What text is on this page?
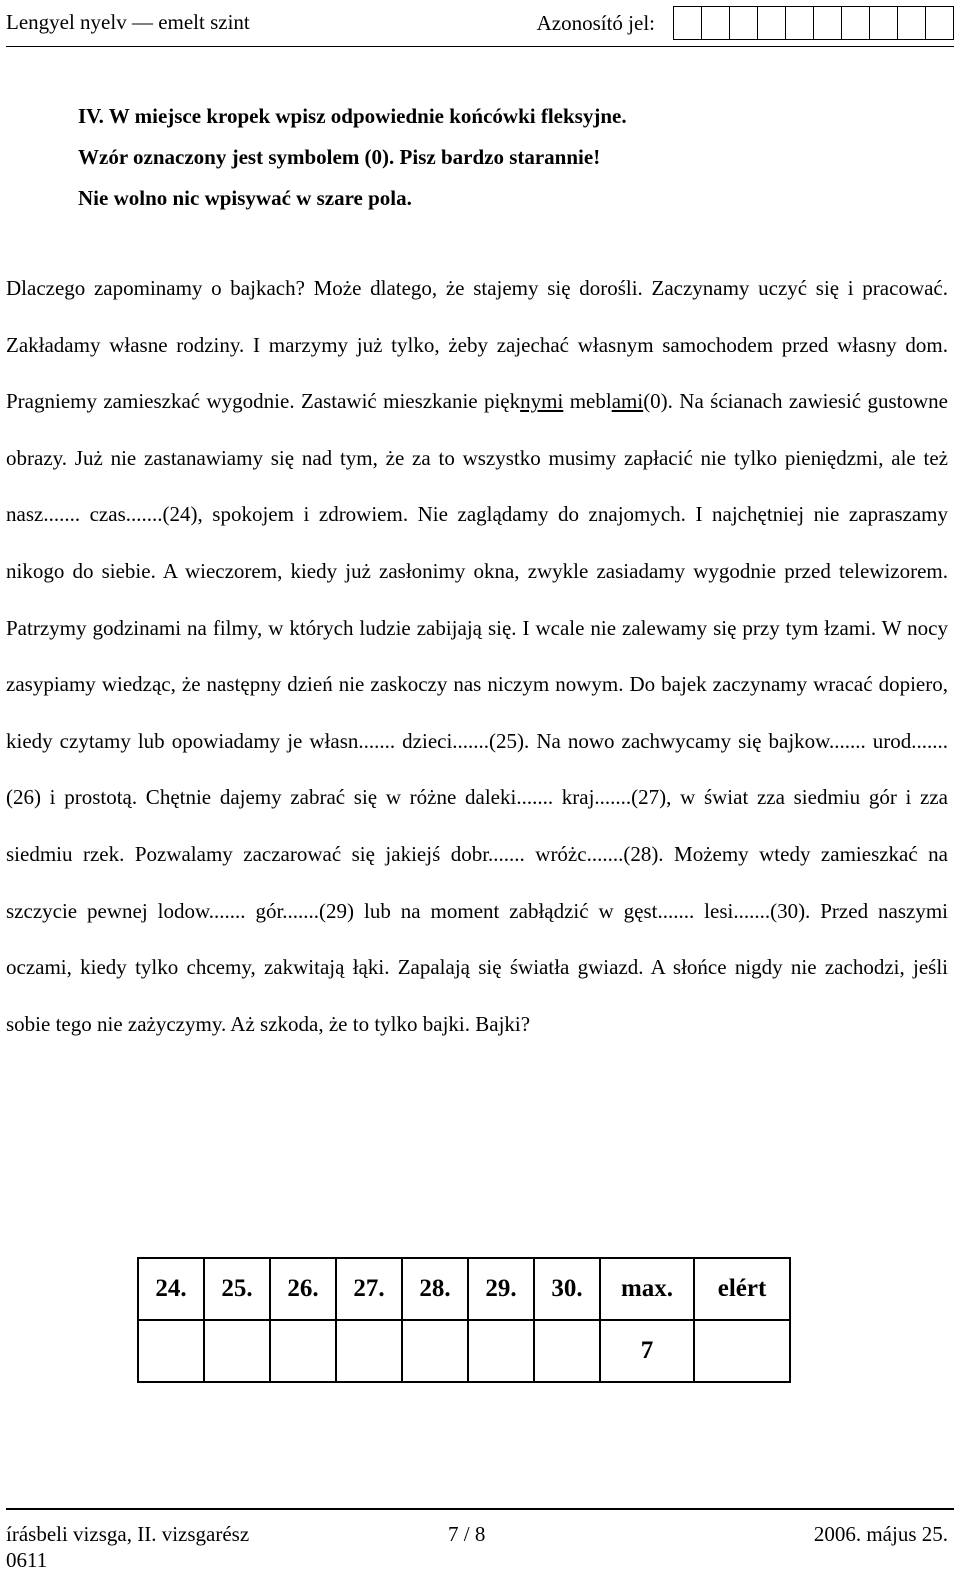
Lengyel nyelv — emelt szint	Azonosító jel:
IV. W miejsce kropek wpisz odpowiednie końcówki fleksyjne.
Wzór oznaczony jest symbolem (0). Pisz bardzo starannie!
Nie wolno nic wpisywać w szare pola.

Dlaczego zapominamy o bajkach? Może dlatego, że stajemy się dorośli. Zaczynamy uczyć się i pracować. Zakładamy własne rodziny. I marzymy już tylko, żeby zajechać własnym samochodem przed własny dom. Pragniemy zamieszkać wygodnie. Zastawić mieszkanie pięknymi meblami(0). Na ścianach zawiesić gustowne obrazy. Już nie zastanawiamy się nad tym, że za to wszystko musimy zapłacić nie tylko pieniędzmi, ale też nasz....... czas.......(24), spokojem i zdrowiem. Nie zaglądamy do znajomych. I najchętniej nie zapraszamy nikogo do siebie. A wieczorem, kiedy już zasłonimy okna, zwykle zasiadamy wygodnie przed telewizorem. Patrzymy godzinami na filmy, w których ludzie zabijają się. I wcale nie zalewamy się przy tym łzami. W nocy zasypiamy wiedząc, że następny dzień nie zaskoczy nas niczym nowym. Do bajek zaczynamy wracać dopiero, kiedy czytamy lub opowiadamy je własn....... dzieci.......(25). Na nowo zachwycamy się bajkow....... urod.......(26) i prostotą. Chętnie dajemy zabrać się w różne daleki....... kraj.......(27), w świat zza siedmiu gór i zza siedmiu rzek. Pozwalamy zaczarować się jakiejś dobr....... wróżc.......(28). Możemy wtedy zamieszkać na szczycie pewnej lodow....... gór.......(29) lub na moment zabłądzić w gęst....... lesi.......(30). Przed naszymi oczami, kiedy tylko chcemy, zakwitają łąki. Zapalają się światła gwiazd. A słońce nigdy nie zachodzi, jeśli sobie tego nie zażyczymy. Aż szkoda, że to tylko bajki. Bajki?

24.	25.	26.	27.	28.	29.	30.	max.	elért
							7	
írásbeli vizsga, II. vizsgarész	7 / 8	2006. május 25.
0611
